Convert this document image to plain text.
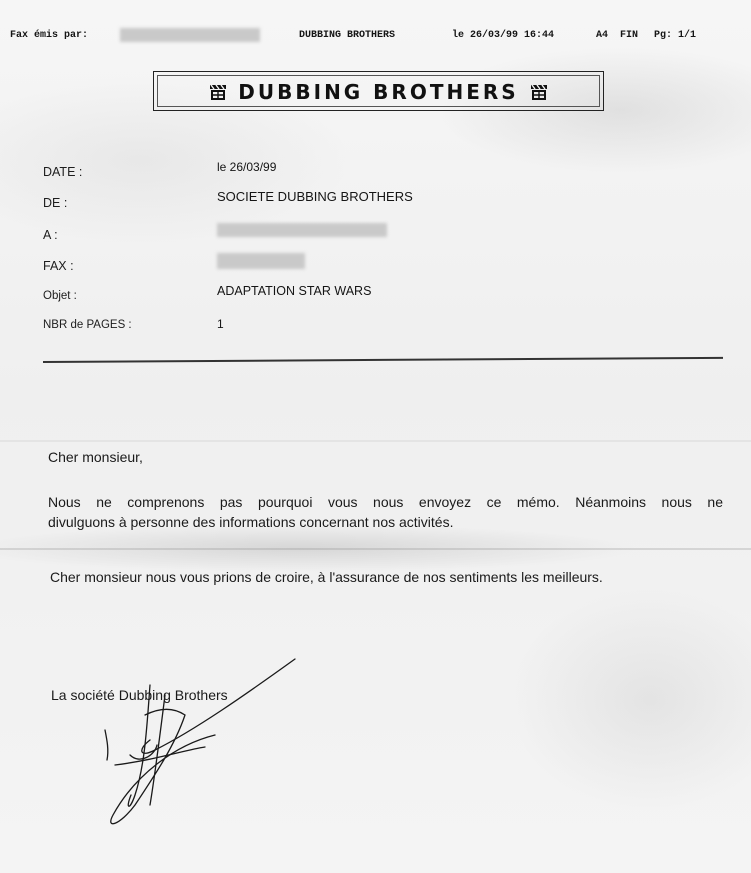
Fax émis par:	DUBBING BROTHERS	le 26/03/99 16:44	A4 FIN Pg: 1/1
DUBBING BROTHERS
DATE :	le 26/03/99
DE :	SOCIETE DUBBING BROTHERS
A :
FAX :
Objet :	ADAPTATION STAR WARS
NBR de PAGES :	1
Cher monsieur,
Nous ne comprenons pas pourquoi vous nous envoyez ce mémo. Néanmoins nous ne
divulguons à personne des informations concernant nos activités.
Cher monsieur nous vous prions de croire, à l'assurance de nos sentiments les meilleurs.
La société Dubbing Brothers
